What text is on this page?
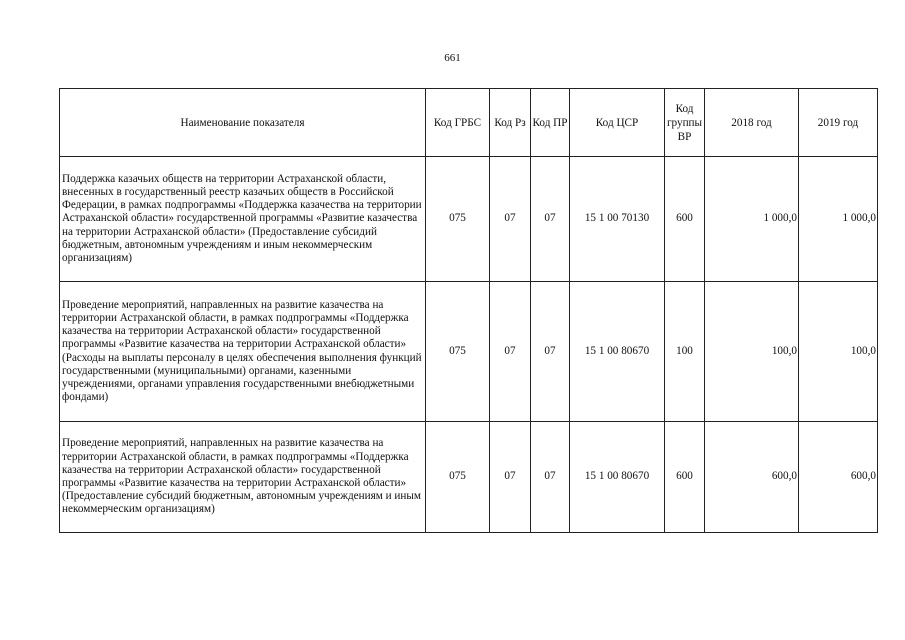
661
Наименование показателя	Код ГРБС	Код Рз	Код ПР	Код ЦСР	Код группы ВР	2018 год	2019 год
Поддержка казачьих обществ на территории Астраханской области, внесенных в государственный реестр казачьих обществ в Российской Федерации, в рамках подпрограммы «Поддержка казачества на территории Астраханской области» государственной программы «Развитие казачества на территории Астраханской области» (Предоставление субсидий бюджетным, автономным учреждениям и иным некоммерческим организациям)	075	07	07	15 1 00 70130	600	1 000,0	1 000,0
Проведение мероприятий, направленных на развитие казачества на территории Астраханской области, в рамках подпрограммы «Поддержка казачества на территории Астраханской области» государственной программы «Развитие казачества на территории Астраханской области» (Расходы на выплаты персоналу в целях обеспечения выполнения функций государственными (муниципальными) органами, казенными учреждениями, органами управления государственными внебюджетными фондами)	075	07	07	15 1 00 80670	100	100,0	100,0
Проведение мероприятий, направленных на развитие казачества на территории Астраханской области, в рамках подпрограммы «Поддержка казачества на территории Астраханской области» государственной программы «Развитие казачества на территории Астраханской области» (Предоставление субсидий бюджетным, автономным учреждениям и иным некоммерческим организациям)	075	07	07	15 1 00 80670	600	600,0	600,0
